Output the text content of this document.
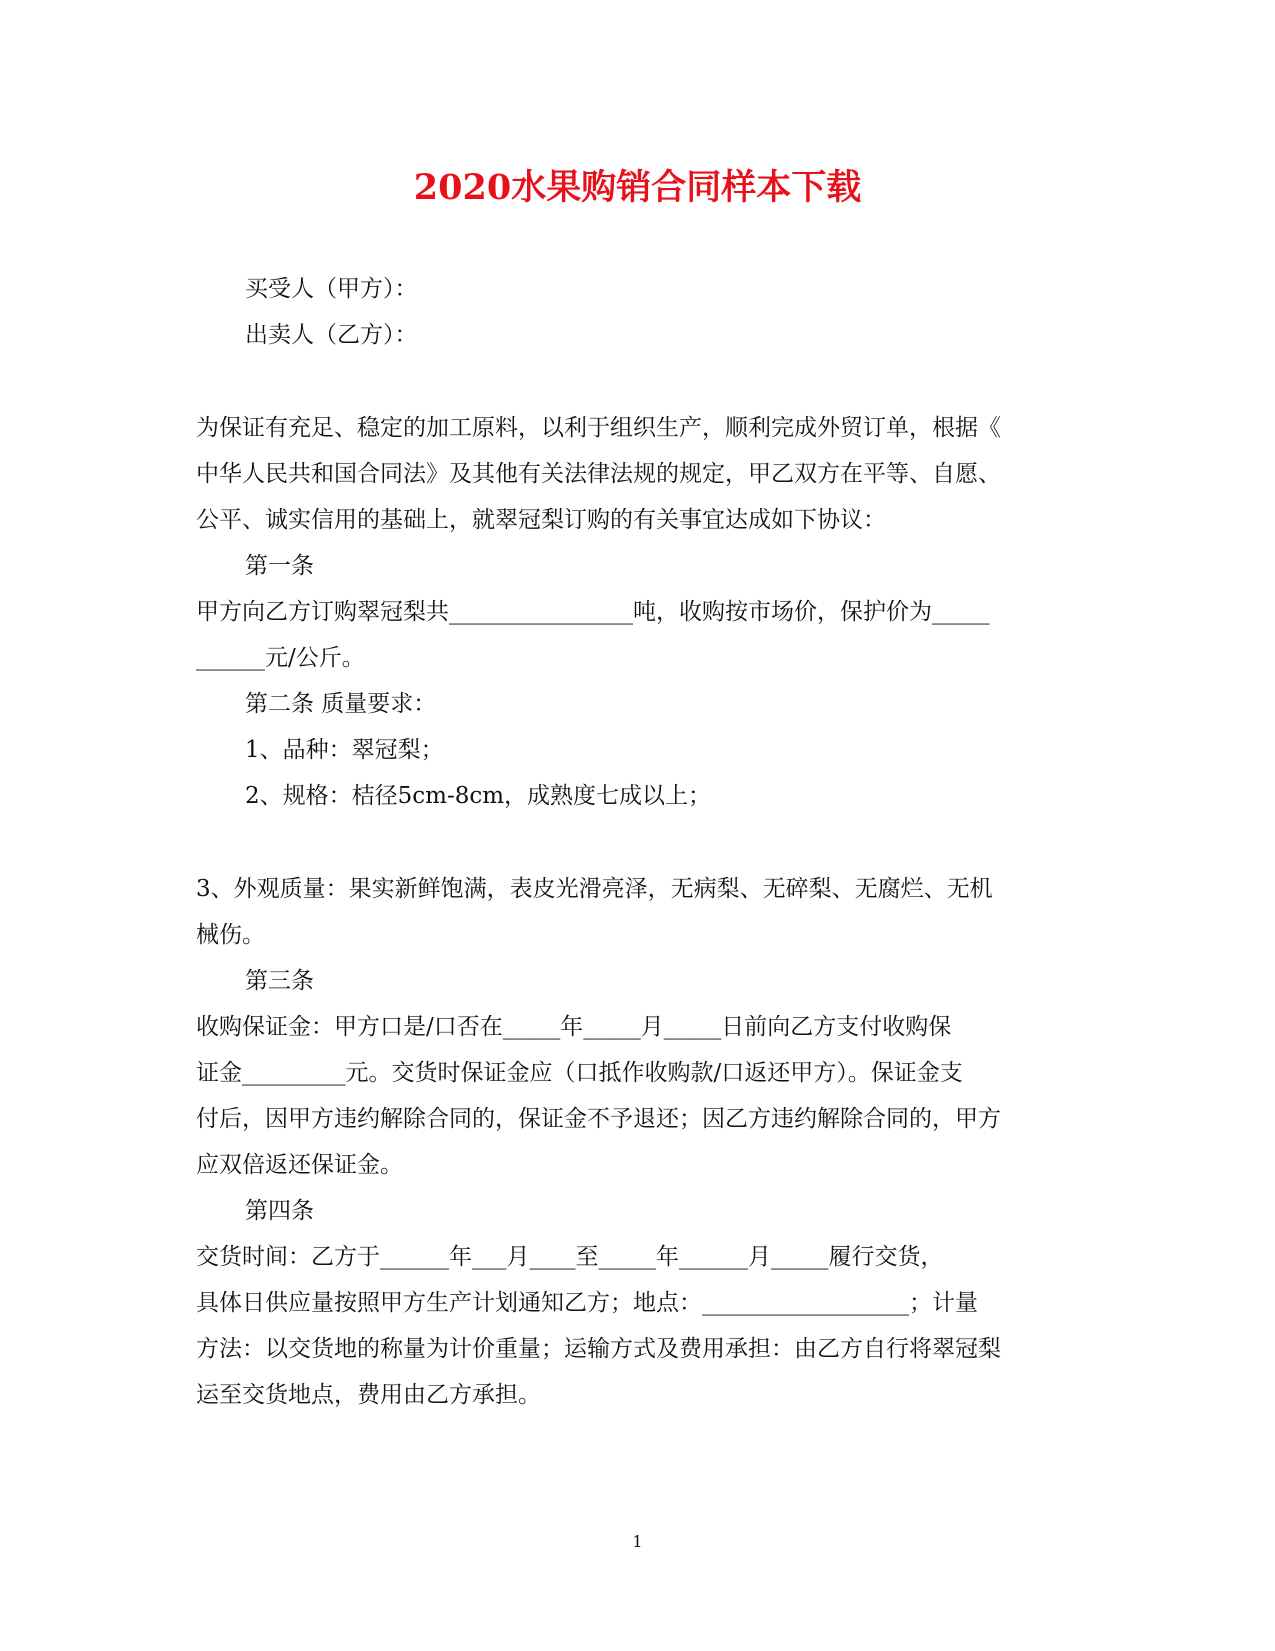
2020水果购销合同样本下载
买受人（甲方）：
出卖人（乙方）：
为保证有充足、稳定的加工原料，以利于组织生产，顺利完成外贸订单，根据《
中华人民共和国合同法》及其他有关法律法规的规定，甲乙双方在平等、自愿、
公平、诚实信用的基础上，就翠冠梨订购的有关事宜达成如下协议：
第一条
甲方向乙方订购翠冠梨共________________吨，收购按市场价，保护价为_____
______元/公斤。
第二条 质量要求：
1、品种：翠冠梨；
2、规格：桔径5cm-8cm，成熟度七成以上；
3、外观质量：果实新鲜饱满，表皮光滑亮泽，无病梨、无碎梨、无腐烂、无机
械伤。
第三条
收购保证金：甲方口是/口否在_____年_____月_____日前向乙方支付收购保
证金_________元。交货时保证金应（口抵作收购款/口返还甲方）。保证金支
付后，因甲方违约解除合同的，保证金不予退还；因乙方违约解除合同的，甲方
应双倍返还保证金。
第四条
交货时间：乙方于______年___月____至_____年______月_____履行交货，
具体日供应量按照甲方生产计划通知乙方；地点：__________________；计量
方法：以交货地的称量为计价重量；运输方式及费用承担：由乙方自行将翠冠梨
运至交货地点，费用由乙方承担。
1
